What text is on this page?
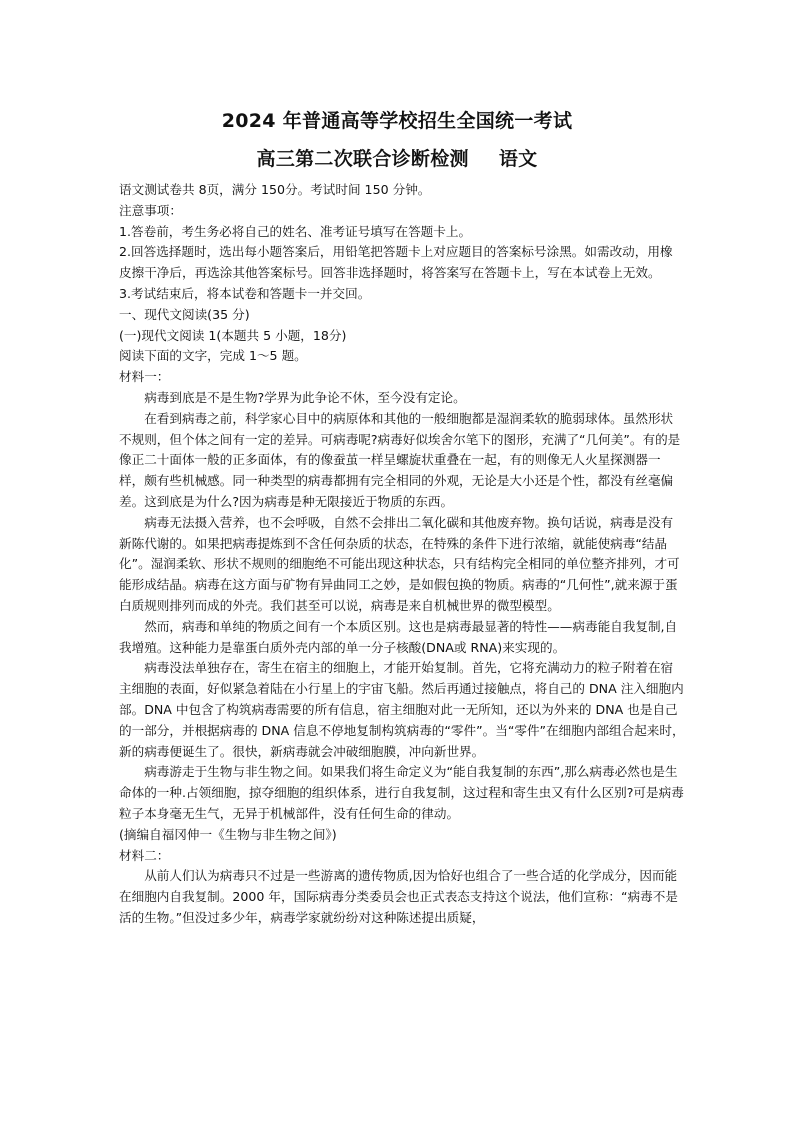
2024 年普通高等学校招生全国统一考试
高三第二次联合诊断检测 语文

语文测试卷共 8页，满分 150分。考试时间 150 分钟。

注意事项：

1.答卷前，考生务必将自己的姓名、准考证号填写在答题卡上。

2.回答选择题时，选出每小题答案后，用铅笔把答题卡上对应题目的答案标号涂黑。如需改动，用橡皮擦干净后，再选涂其他答案标号。回答非选择题时，将答案写在答题卡上，写在本试卷上无效。

3.考试结束后，将本试卷和答题卡一并交回。

一、现代文阅读(35 分)

(一)现代文阅读 1(本题共 5 小题，18分)

阅读下面的文字，完成 1～5 题。

材料一：

病毒到底是不是生物?学界为此争论不休，至今没有定论。

在看到病毒之前，科学家心目中的病原体和其他的一般细胞都是湿润柔软的脆弱球体。虽然形状不规则，但个体之间有一定的差异。可病毒呢?病毒好似埃舍尔笔下的图形，充满了“几何美”。有的是像正二十面体一般的正多面体，有的像蚕茧一样呈螺旋状重叠在一起，有的则像无人火星探测器一样，颇有些机械感。同一种类型的病毒都拥有完全相同的外观，无论是大小还是个性，都没有丝毫偏差。这到底是为什么?因为病毒是种无限接近于物质的东西。

病毒无法摄入营养，也不会呼吸，自然不会排出二氧化碳和其他废弃物。换句话说，病毒是没有新陈代谢的。如果把病毒提炼到不含任何杂质的状态，在特殊的条件下进行浓缩，就能使病毒“结晶化”。湿润柔软、形状不规则的细胞绝不可能出现这种状态，只有结构完全相同的单位整齐排列，才可能形成结晶。病毒在这方面与矿物有异曲同工之妙，是如假包换的物质。病毒的“几何性”,就来源于蛋白质规则排列而成的外壳。我们甚至可以说，病毒是来自机械世界的微型模型。

然而，病毒和单纯的物质之间有一个本质区别。这也是病毒最显著的特性——病毒能自我复制,自我增殖。这种能力是靠蛋白质外壳内部的单一分子核酸(DNA或 RNA)来实现的。

病毒没法单独存在，寄生在宿主的细胞上，才能开始复制。首先，它将充满动力的粒子附着在宿主细胞的表面，好似紧急着陆在小行星上的宇宙飞船。然后再通过接触点，将自己的 DNA 注入细胞内部。DNA 中包含了构筑病毒需要的所有信息，宿主细胞对此一无所知，还以为外来的 DNA 也是自己的一部分，并根据病毒的 DNA 信息不停地复制构筑病毒的“零件”。当“零件”在细胞内部组合起来时，新的病毒便诞生了。很快，新病毒就会冲破细胞膜，冲向新世界。

病毒游走于生物与非生物之间。如果我们将生命定义为“能自我复制的东西”,那么病毒必然也是生命体的一种.占领细胞，掠夺细胞的组织体系，进行自我复制，这过程和寄生虫又有什么区别?可是病毒粒子本身毫无生气，无异于机械部件，没有任何生命的律动。

(摘编自福冈伸一《生物与非生物之间》)

材料二：

从前人们认为病毒只不过是一些游离的遗传物质,因为恰好也组合了一些合适的化学成分，因而能在细胞内自我复制。2000 年，国际病毒分类委员会也正式表态支持这个说法，他们宣称：“病毒不是活的生物。”但没过多少年，病毒学家就纷纷对这种陈述提出质疑，
